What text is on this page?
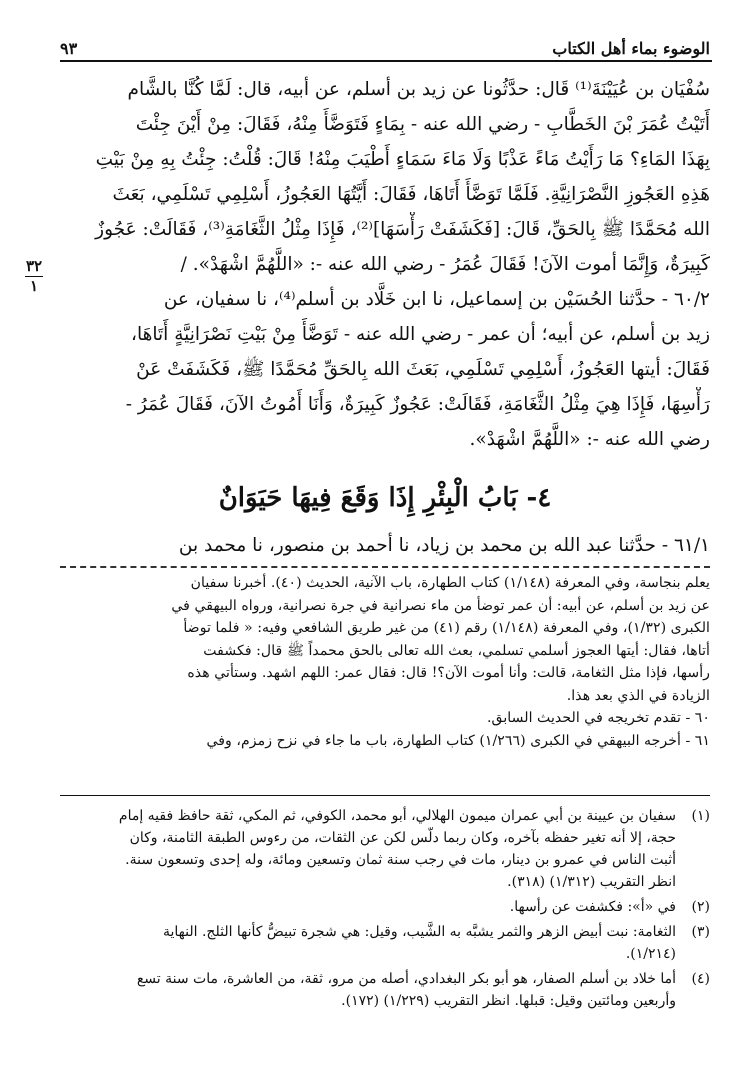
الوضوء بماء أهل الكتاب
٩٣
٣٢
١
سُفْيَان بن عُيَيْنَةَ⁽¹⁾ قَال: حدَّثُونا عن زيد بن أسلم، عن أبيه، قال: لَمَّا كُنَّا بالشَّام
أَتَيْتُ عُمَرَ بْنَ الخَطَّابِ - رضي الله عنه - بِمَاءٍ فَتَوَضَّأَ مِنْهُ، فَقَالَ: مِنْ أَيْنَ جِئْتَ
بِهَذَا المَاءِ؟ مَا رَأَيْتُ مَاءً عَذْبًا وَلَا مَاءَ سَمَاءٍ أَطْيَبَ مِنْهُ! قَالَ: قُلْتُ: جِئْتُ بِهِ مِنْ بَيْتِ
هَذِهِ العَجُوزِ النَّصْرَانِيَّةِ. فَلَمَّا تَوَضَّأَ أَتَاهَا، فَقَالَ: أَيَّتُهَا العَجُوزُ، أَسْلِمِي تَسْلَمِي، بَعَثَ
الله مُحَمَّدًا ﷺ بِالحَقِّ، قَالَ: [فَكَشَفَتْ رَأْسَهَا]⁽²⁾، فَإِذَا مِثْلُ الثَّغَامَةِ⁽³⁾، فَقَالَتْ: عَجُوزٌ
كَبِيرَةٌ، وَإِنَّمَا أموت الآنَ! فَقَالَ عُمَرُ - رضي الله عنه -: «اللَّهُمَّ اشْهَدْ». /
٦٠/٢ - حدَّثنا الحُسَيْن بن إسماعيل، نا ابن خَلَّاد بن أسلم⁽⁴⁾، نا سفيان، عن
زيد بن أسلم، عن أبيه؛ أن عمر - رضي الله عنه - تَوَضَّأَ مِنْ بَيْتِ نَصْرَانِيَّةٍ أَتَاهَا،
فَقَالَ: أيتها العَجُوزُ، أَسْلِمِي تَسْلَمِي، بَعَثَ الله بِالحَقِّ مُحَمَّدًا ﷺ، فَكَشَفَتْ عَنْ
رَأْسِهَا، فَإِذَا هِيَ مِثْلُ الثَّغَامَةِ، فَقَالَتْ: عَجُوزٌ كَبِيرَةٌ، وَأَنَا أَمُوتُ الآنَ، فَقَالَ عُمَرُ -
رضي الله عنه -: «اللَّهُمَّ اشْهَدْ».
٤- بَابُ الْبِئْرِ إِذَا وَقَعَ فِيهَا حَيَوَانٌ
٦١/١ - حدَّثنا عبد الله بن محمد بن زياد، نا أحمد بن منصور، نا محمد بن
يعلم بنجاسة، وفي المعرفة (١/١٤٨) كتاب الطهارة، باب الآنية، الحديث (٤٠). أخبرنا سفيان
عن زيد بن أسلم، عن أبيه: أن عمر توضأ من ماء نصرانية في جرة نصرانية، ورواه البيهقي في
الكبرى (١/٣٢)، وفي المعرفة (١/١٤٨) رقم (٤١) من غير طريق الشافعي وفيه: « فلما توضأ
أتاها، فقال: أيتها العجوز أسلمي تسلمي، بعث الله تعالى بالحق محمداً ﷺ قال: فكشفت
رأسها، فإذا مثل الثغامة، قالت: وأنا أموت الآن؟! قال: فقال عمر: اللهم اشهد. وستأتي هذه
الزيادة في الذي بعد هذا.
٦٠ - تقدم تخريجه في الحديث السابق.
٦١ - أخرجه البيهقي في الكبرى (١/٢٦٦) كتاب الطهارة، باب ما جاء في نزح زمزم، وفي
(١)
سفيان بن عيينة بن أبي عمران ميمون الهلالي، أبو محمد، الكوفي، ثم المكي، ثقة حافظ فقيه إمام
حجة، إلا أنه تغير حفظه بآخره، وكان ربما دلَّس لكن عن الثقات، من رءوس الطبقة الثامنة، وكان
أثبت الناس في عمرو بن دينار، مات في رجب سنة ثمان وتسعين ومائة، وله إحدى وتسعون سنة.
انظر التقريب (١/٣١٢) (٣١٨).
(٢)
في «أ»: فكشفت عن رأسها.
(٣)
الثغامة: نبت أبيض الزهر والثمر يشبَّه به الشَّيب، وقيل: هي شجرة تبيضُّ كأنها الثلج. النهاية
(١/٢١٤).
(٤)
أما خلاد بن أسلم الصفار، هو أبو بكر البغدادي، أصله من مرو، ثقة، من العاشرة، مات سنة تسع
وأربعين ومائتين وقيل: قبلها. انظر التقريب (١/٢٢٩) (١٧٢).
